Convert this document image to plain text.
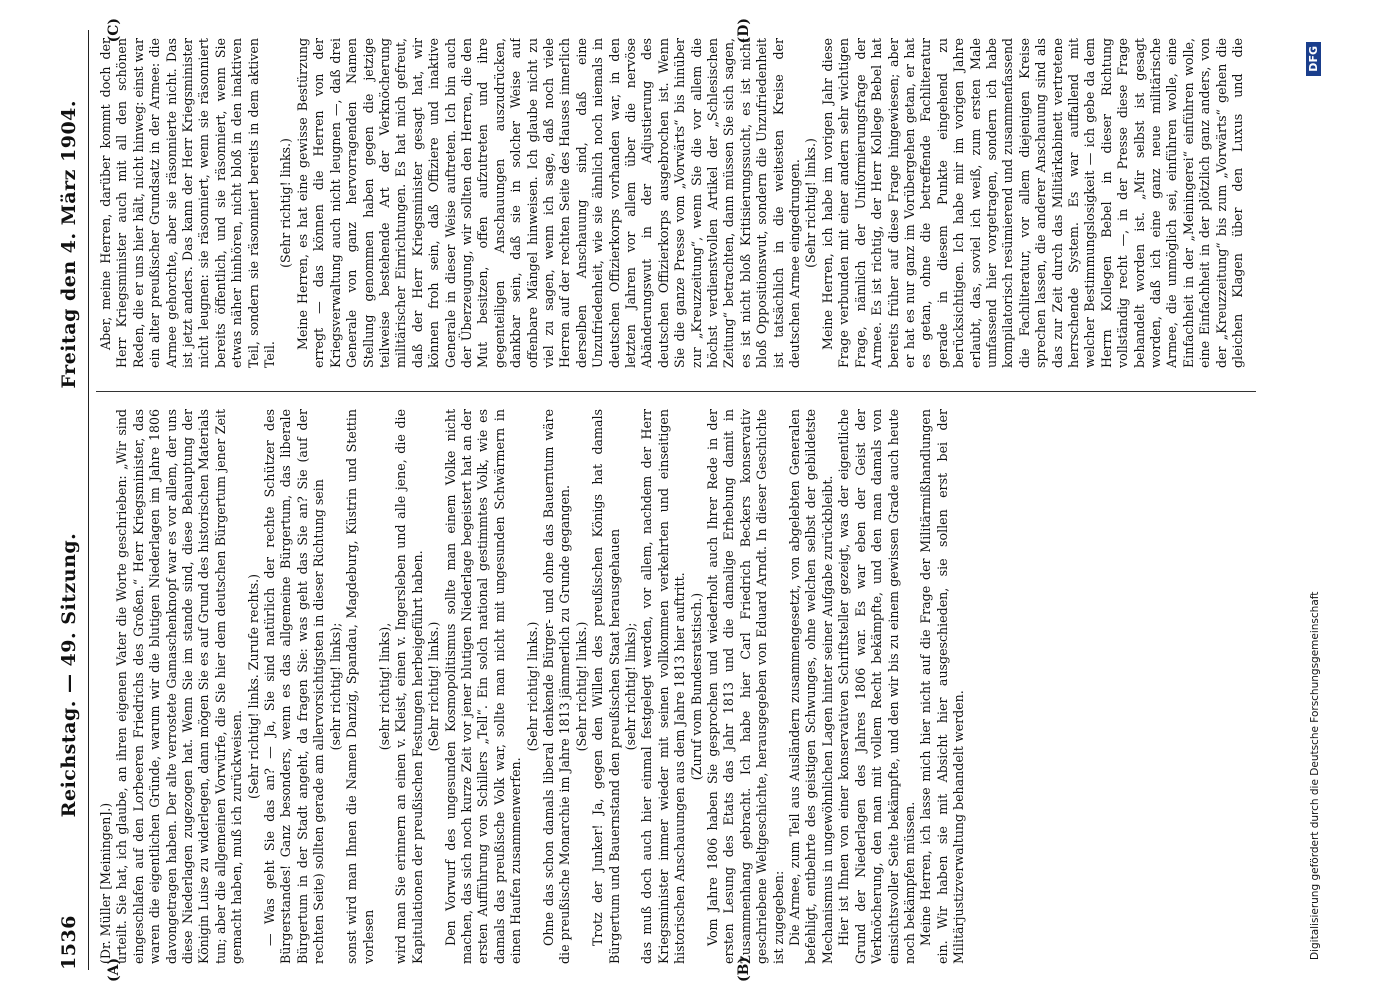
1536
Reichstag. — 49. Sitzung.
Freitag den 4. März 1904.
(A)	(B)
(C)	(D)

(Dr. Müller [Meiningen].) urteilt. Sie hat, ich glaube, an ihren eigenen Vater die Worte geschrieben: „Wir sind eingeschlafen auf den Lorbeeren Friedrichs des Großen.“ Herr Kriegsminister, das waren die eigentlichen Gründe, warum wir die blutigen Niederlagen im Jahre 1806 davongetragen haben. Der alte verrostete Gamaschenknopf war es vor allem, der uns diese Niederlagen zugezogen hat. Wenn Sie im stande sind, diese Behauptung der Königin Luise zu widerlegen, dann mögen Sie es auf Grund des historischen Materials tun; aber die allgemeinen Vorwürfe, die Sie hier dem deutschen Bürgertum jener Zeit gemacht haben, muß ich zurückweisen.

(Sehr richtig! links. Zurufe rechts.) — Was geht Sie das an? — Ja, Sie sind natürlich der rechte Schützer des Bürgerstandes! Ganz besonders, wenn es das allgemeine Bürgertum, das liberale Bürgertum in der Stadt angeht, da fragen Sie: was geht das Sie an? Sie (auf der rechten Seite) sollten gerade am allervorsichtigsten in dieser Richtung sein (sehr richtig! links); sonst wird man Ihnen die Namen Danzig, Spandau, Magdeburg, Küstrin und Stettin vorlesen

(sehr richtig! links), wird man Sie erinnern an einen v. Kleist, einen v. Ingersleben und alle jene, die die Kapitulationen der preußischen Festungen herbeigeführt haben. (Sehr richtig! links.) Den Vorwurf des ungesunden Kosmopolitismus sollte man einem Volke nicht machen, das sich noch kurze Zeit vor jener blutigen Niederlage begeistert hat an der ersten Aufführung von Schillers „Tell“. Ein solch national gestimmtes Volk, wie es damals das preußische Volk war, sollte man nicht mit ungesunden Schwärmern in einen Haufen zusammenwerfen.

(Sehr richtig! links.) Ohne das schon damals liberal denkende Bürger- und ohne das Bauerntum wäre die preußische Monarchie im Jahre 1813 jämmerlich zu Grunde gegangen. (Sehr richtig! links.) Trotz der Junker! Ja, gegen den Willen des preußischen Königs hat damals Bürgertum und Bauernstand den preußischen Staat herausgehauen (sehr richtig! links); das muß doch auch hier einmal festgelegt werden, vor allem, nachdem der Herr Kriegsminister immer wieder mit seinen vollkommen verkehrten und einseitigen historischen Anschauungen aus dem Jahre 1813 hier auftritt. (Zuruf vom Bundesratstisch.) Vom Jahre 1806 haben Sie gesprochen und wiederholt auch Ihrer Rede in der ersten Lesung des Etats das Jahr 1813 und die damalige Erhebung damit in Zusammenhang gebracht. Ich habe hier Carl Friedrich Beckers konservativ geschriebene Weltgeschichte, herausgegeben von Eduard Arndt. In dieser Geschichte ist zugegeben: Die Armee, zum Teil aus Ausländern zusammengesetzt, von abgelebten Generalen befehligt, entbehrte des geistigen Schwunges, ohne welchen selbst der gebildetste Mechanismus in ungewöhnlichen Lagen hinter seiner Aufgabe zurückbleibt. Hier ist Ihnen von einer konservativen Schriftsteller gezeigt, was der eigentliche Grund der Niederlagen des Jahres 1806 war. Es war eben der Geist der Verknöcherung, den man mit vollem Recht bekämpfte, und den man damals von einsichtsvoller Seite bekämpfte, und den wir bis zu einem gewissen Grade auch heute noch bekämpfen müssen. Meine Herren, ich lasse mich hier nicht auf die Frage der Militärmißhandlungen ein. Wir haben sie mit Absicht hier ausgeschieden, sie sollen erst bei der Militärjustizverwaltung behandelt werden.

Aber, meine Herren, darüber kommt doch der Herr Kriegsminister auch mit all den schönen Reden, die er uns hier hält, nicht hinweg: einst war ein alter preußischer Grundsatz in der Armee: die Armee gehorchte, aber sie räsonnierte nicht. Das ist jetzt anders. Das kann der Herr Kriegsminister nicht leugnen: sie räsonniert, wenn sie räsonniert bereits öffentlich, und sie räsonniert, wenn Sie etwas näher hinhören, nicht bloß in den inaktiven Teil, sondern sie räsonniert bereits in dem aktiven Teil.

(Sehr richtig! links.) Meine Herren, es hat eine gewisse Bestürzung erregt — das können die Herren von der Kriegsverwaltung auch nicht leugnen —, daß drei Generale von ganz hervorragenden Namen Stellung genommen haben gegen die jetzige teilweise bestehende Art der Verknöcherung militärischer Einrichtungen. Es hat mich gefreut, daß der Herr Kriegsminister gesagt hat, wir können froh sein, daß Offiziere und inaktive Generale in dieser Weise auftreten. Ich bin auch der Überzeugung, wir sollten den Herren, die den Mut besitzen, offen aufzutreten und ihre gegenteiligen Anschauungen auszudrücken, dankbar sein, daß sie in solcher Weise auf offenbare Mängel hinweisen. Ich glaube nicht zu viel zu sagen, wenn ich sage, daß noch viele Herren auf der rechten Seite des Hauses innerlich derselben Anschauung sind, daß eine Unzufriedenheit, wie sie ähnlich noch niemals in deutschen Offizierkorps vorhanden war, in den letzten Jahren vor allem über die nervöse Abänderungswut in der Adjustierung des deutschen Offizierkorps ausgebrochen ist. Wenn Sie die ganze Presse vom „Vorwärts“ bis hinüber zur „Kreuzzeitung“, wenn Sie die vor allem die höchst verdienstvollen Artikel der „Schlesischen Zeitung“ betrachten, dann müssen Sie sich sagen, es ist nicht bloß Kritisierungssucht, es ist nicht bloß Oppositionswut, sondern die Unzufriedenheit ist tatsächlich in die weitesten Kreise der deutschen Armee eingedrungen. (Sehr richtig! links.)

Meine Herren, ich habe im vorigen Jahr diese Frage verbunden mit einer andern sehr wichtigen Frage, nämlich der Uniformierungsfrage der Armee. Es ist richtig, der Herr Kollege Bebel hat bereits früher auf diese Frage hingewiesen; aber er hat es nur ganz im Vorübergehen getan, er hat es getan, ohne die betreffende Fachliteratur gerade in diesem Punkte eingehend zu berücksichtigen. Ich habe mir im vorigen Jahre erlaubt, das, soviel ich weiß, zum ersten Male umfassend hier vorgetragen, sondern ich habe kompilatorisch resümierend und zusammenfassend die Fachliteratur, vor allem diejenigen Kreise sprechen lassen, die anderer Anschauung sind als das zur Zeit durch das Militärkabinett vertretene herrschende System. Es war auffallend mit welcher Bestimmungslosigkeit — ich gebe da dem Herrn Kollegen Bebel in dieser Richtung vollständig recht —, in der Presse diese Frage behandelt worden ist. „Mir selbst ist gesagt worden, daß ich eine ganz neue militärische Armee, die unmöglich sei, einführen wolle, eine Einfachheit in der „Meiningerei“ einführen wolle, eine Einfachheit in der plötzlich ganz anders, von der „Kreuzzeitung“ bis zum „Vorwärts“ gehen die gleichen Klagen über den Luxus und die

Digitalisierung gefördert durch die Deutsche Forschungsgemeinschaft
DFG
